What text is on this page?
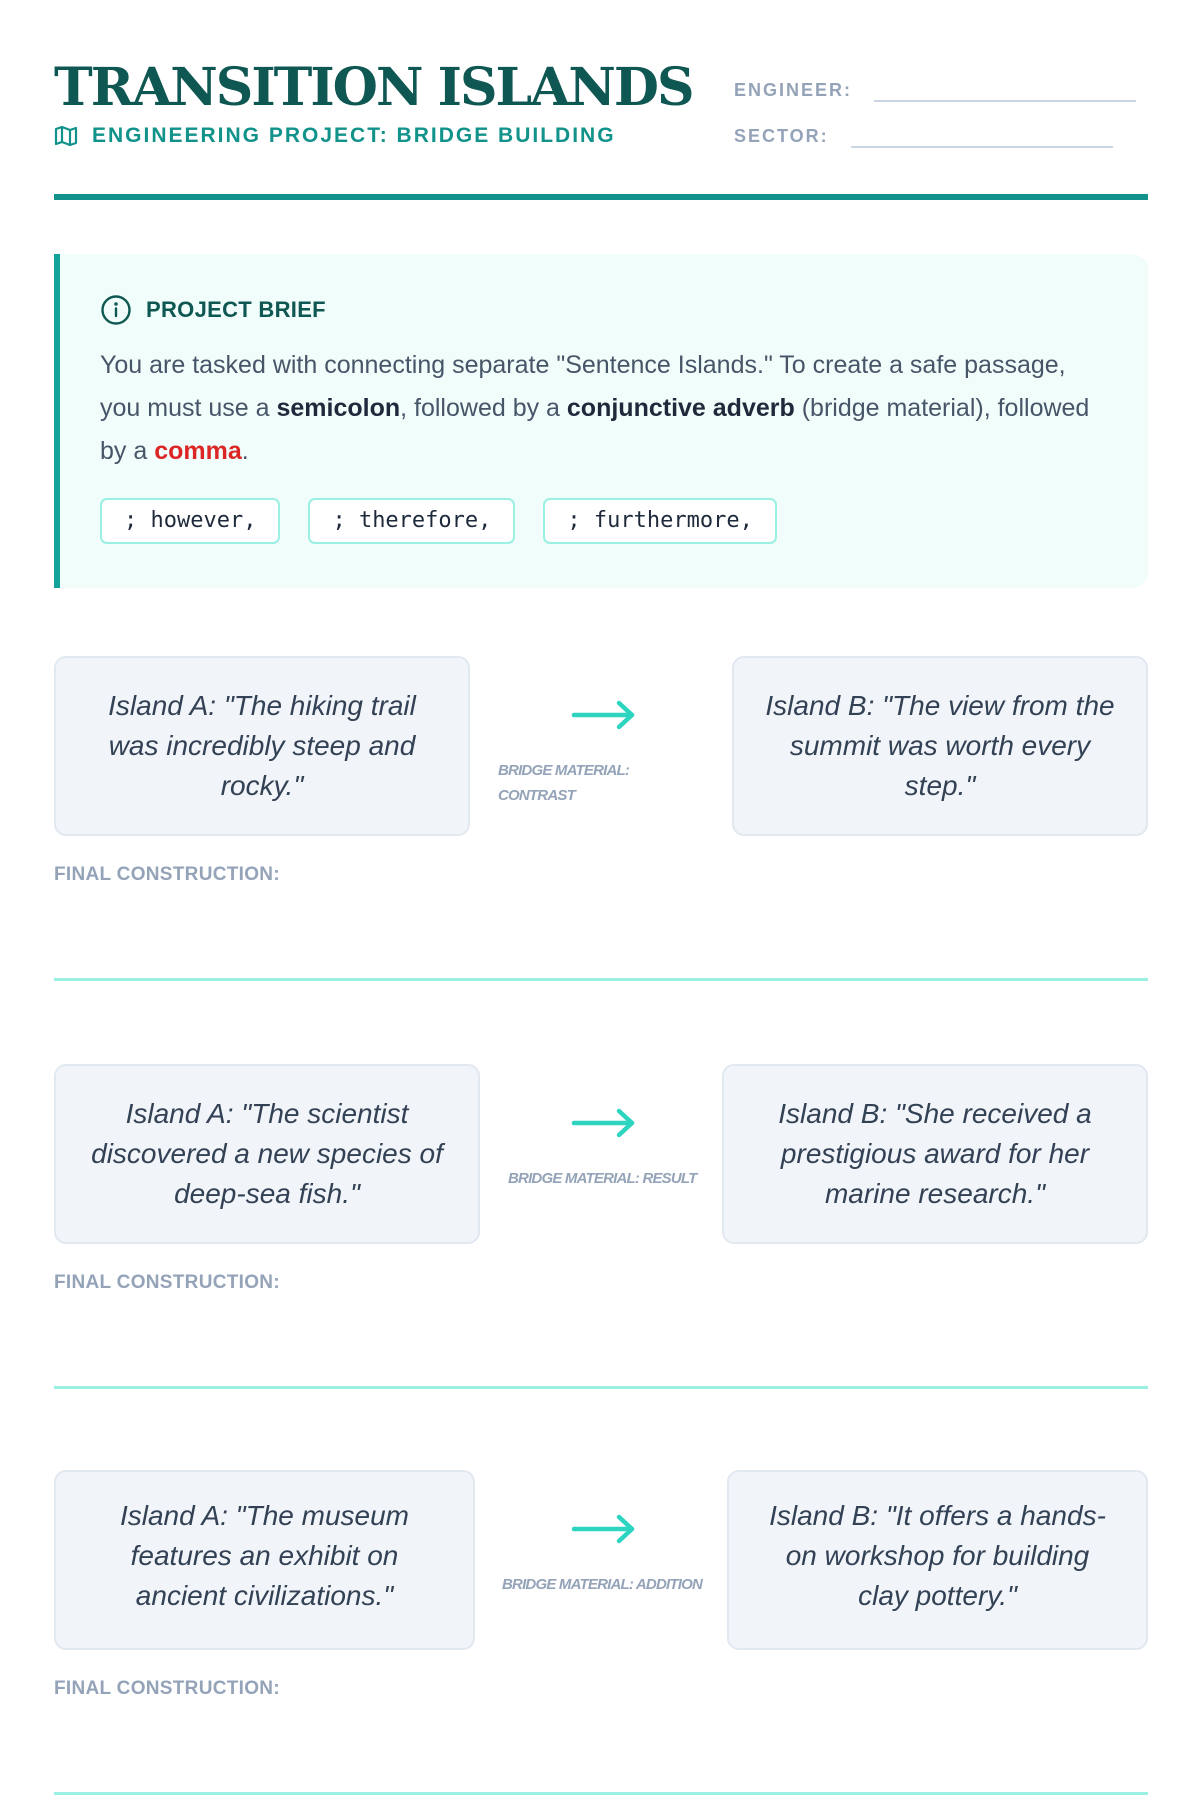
TRANSITION ISLANDS
ENGINEERING PROJECT: BRIDGE BUILDING
ENGINEER:
SECTOR:
PROJECT BRIEF

You are tasked with connecting separate "Sentence Islands." To create a safe passage, you must use a semicolon, followed by a conjunctive adverb (bridge material), followed by a comma.

; however,	; therefore,	; furthermore,
Island A: "The hiking trail was incredibly steep and rocky."	BRIDGE MATERIAL: CONTRAST
Island B: "The view from the summit was worth every step."
FINAL CONSTRUCTION:
Island A: "The scientist discovered a new species of deep-sea fish."	BRIDGE MATERIAL: RESULT
Island B: "She received a prestigious award for her marine research."
FINAL CONSTRUCTION:
Island A: "The museum features an exhibit on ancient civilizations."	BRIDGE MATERIAL: ADDITION
Island B: "It offers a hands-on workshop for building clay pottery."
FINAL CONSTRUCTION:
